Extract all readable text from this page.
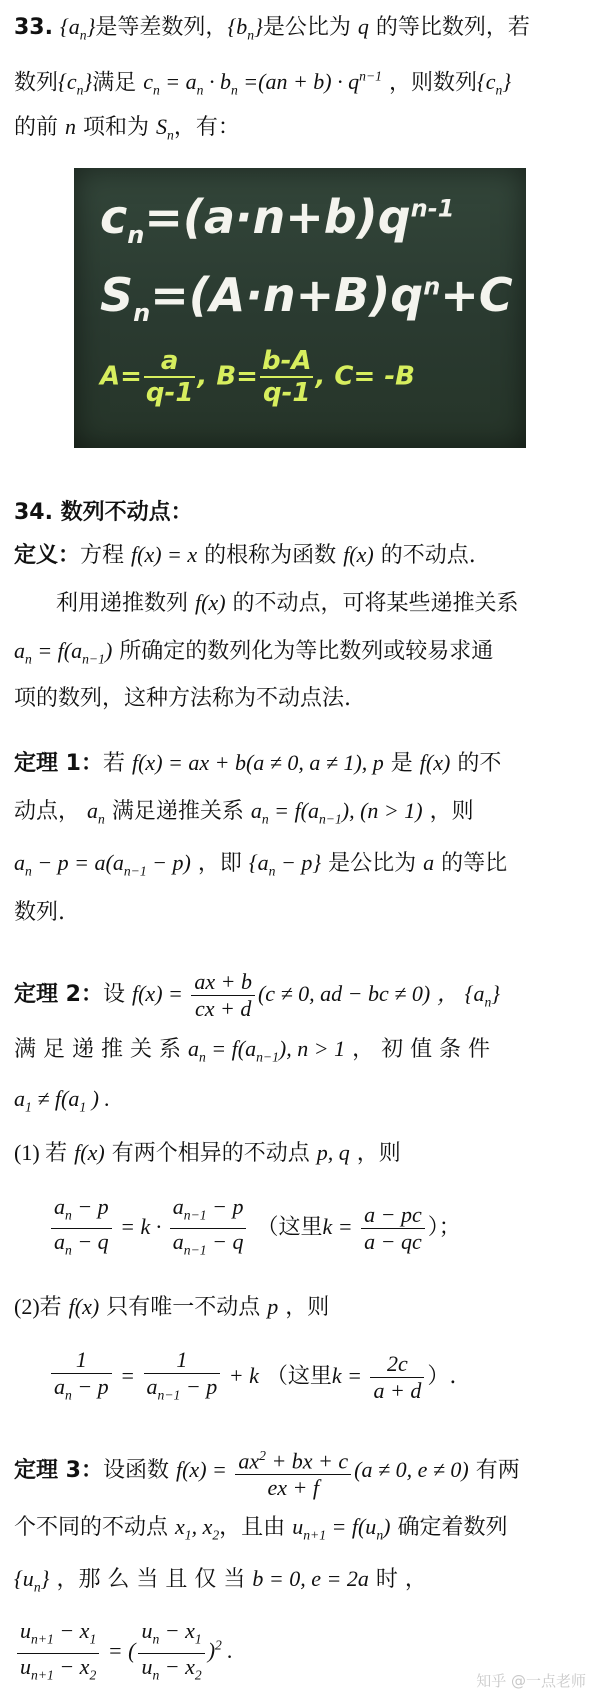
33. $\{a_n\}$是等差数列，$\{b_n\}$是公比为 q 的等比数列，若
数列$\{c_n\}$满足 $c_n = a_n \cdot b_n =(an + b) \cdot q^{n-1}$ ，则数列$\{c_n\}$
的前 n 项和为 $S_n$，有：
$c_n=(a\cdot n+b)q^{n-1}$
$S_n=(A\cdot n+B)q^n+C$
$A= \frac{a}{q-1}$ , $B= \frac{b-A}{q-1}$ , C= -B
34. 数列不动点：
定义：方程 f(x) = x 的根称为函数 f(x) 的不动点.
利用递推数列 f(x) 的不动点，可将某些递推关系
$a_n = f(a_{n-1})$ 所确定的数列化为等比数列或较易求通
项的数列，这种方法称为不动点法.
定理 1：若 f(x) = ax + b(a ≠ 0, a ≠ 1), p 是 f(x) 的不
动点， $a_n$ 满足递推关系 $a_n = f(a_{n-1})$, (n > 1) ，则
$a_n - p = a(a_{n-1} - p)$ ，即 $\{a_n - p\}$ 是公比为 a 的等比
数列.
定理 2：设 $f(x) = \frac{ax + b}{cx + d} (c \ne 0$, ad − bc ≠ 0) ， $\{a_n\}$
满 足 递 推 关 系 $a_n = f(a_{n-1})$, n > 1 ， 初 值 条 件
$a_1 \ne f(a_1$ ) .
(1) 若 f(x) 有两个相异的不动点 p, q ，则
$\frac{a_n - p}{a_n - q} = k \cdot \frac{a_{n-1} - p}{a_{n-1} - q}$ （这里$k = \frac{a - pc}{a - qc}$ ）；
(2)若 f(x) 只有唯一不动点 p ，则
$\frac{1}{a_n - p} = \frac{1}{a_{n-1} - p} + k$ （这里$k = \frac{2c}{a + d}$ ）.
定理 3：设函数 $f(x) = \frac{ax^2 + bx + c}{ex + f} (a \ne 0$, e ≠ 0) 有两
个不同的不动点 $x_1$, $x_2$，且由 $u_{n+1} = f(u_n)$ 确定着数列
$\{u_n\}$ ，那 么 当 且 仅 当 b = 0, e = 2a 时 ，
$\frac{u_{n+1} - x_1}{u_{n+1} - x_2}$ = ( $\frac{u_n - x_1}{u_n - x_2} )^2$ .
知乎 @一点老师
